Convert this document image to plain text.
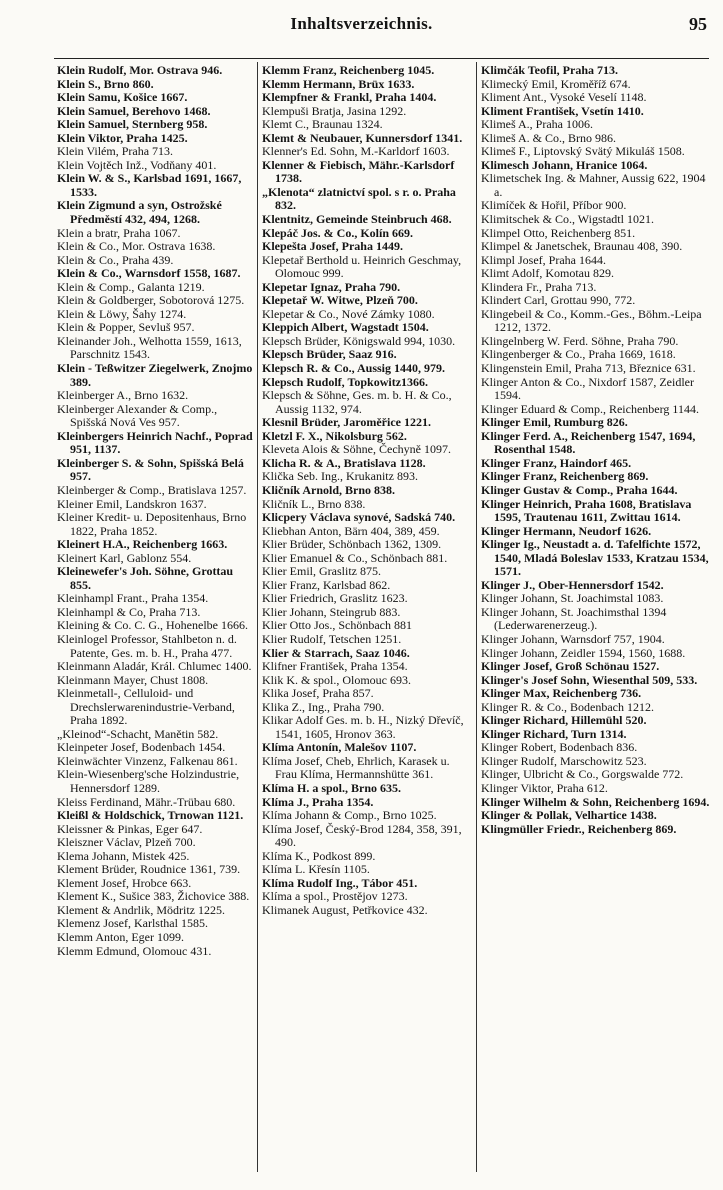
Inhaltsverzeichnis.	95

Klein Rudolf, Mor. Ostrava 946.

Klein S., Brno 860.

Klein Samu, Košice 1667.

Klein Samuel, Berehovo 1468.

Klein Samuel, Sternberg 958.

Klein Viktor, Praha 1425.

Klein Vilém, Praha 713.

Klein Vojtěch Inž., Vodňany 401.

Klein W. & S., Karlsbad 1691, 1667, 1533.

Klein Zigmund a syn, Ostrožské Předměstí 432, 494, 1268.

Klein a bratr, Praha 1067.

Klein & Co., Mor. Ostrava 1638.

Klein & Co., Praha 439.

Klein & Co., Warnsdorf 1558, 1687.

Klein & Comp., Galanta 1219.

Klein & Goldberger, Sobotorová 1275.

Klein & Löwy, Šahy 1274.

Klein & Popper, Sevluš 957.

Kleinander Joh., Welhotta 1559, 1613, Parschnitz 1543.

Klein - Teßwitzer Ziegelwerk, Znojmo 389.

Kleinberger A., Brno 1632.

Kleinberger Alexander & Comp., Spišská Nová Ves 957.

Kleinbergers Heinrich Nachf., Poprad 951, 1137.

Kleinberger S. & Sohn, Spišská Belá 957.

Kleinberger & Comp., Bratislava 1257.

Kleiner Emil, Landskron 1637.

Kleiner Kredit- u. Depositenhaus, Brno 1822, Praha 1852.

Kleinert H.A., Reichenberg 1663.

Kleinert Karl, Gablonz 554.

Kleinewefer's Joh. Söhne, Grottau 855.

Kleinhampl Frant., Praha 1354.

Kleinhampl & Co, Praha 713.

Kleining & Co. C. G., Hohenelbe 1666.

Kleinlogel Professor, Stahlbeton n. d. Patente, Ges. m. b. H., Praha 477.

Kleinmann Aladár, Král. Chlumec 1400.

Kleinmann Mayer, Chust 1808.

Kleinmetall-, Celluloid- und Drechslerwarenindustrie-Verband, Praha 1892.

„Kleinod“-Schacht, Manětin 582.

Kleinpeter Josef, Bodenbach 1454.

Kleinwächter Vinzenz, Falkenau 861.

Klein-Wiesenberg'sche Holzindustrie, Hennersdorf 1289.

Kleiss Ferdinand, Mähr.-Trübau 680.

Kleißl & Holdschick, Trnowan 1121.

Kleissner & Pinkas, Eger 647.

Kleiszner Václav, Plzeň 700.

Klema Johann, Mistek 425.

Klement Brüder, Roudnice 1361, 739.

Klement Josef, Hrobce 663.

Klement K., Sušice 383, Žichovice 388.

Klement & Andrlik, Mödritz 1225.

Klemenz Josef, Karlsthal 1585.

Klemm Anton, Eger 1099.

Klemm Edmund, Olomouc 431.

Klemm Franz, Reichenberg 1045.

Klemm Hermann, Brüx 1633.

Klempfner & Frankl, Praha 1404.

Klempuši Bratja, Jasina 1292.

Klemt C., Braunau 1324.

Klemt & Neubauer, Kunnersdorf 1341.

Klenner's Ed. Sohn, M.-Karldorf 1603.

Klenner & Fiebisch, Mähr.-Karlsdorf 1738.

„Klenota“ zlatnictví spol. s r. o. Praha 832.

Klentnitz, Gemeinde Steinbruch 468.

Klepáč Jos. & Co., Kolín 669.

Klepešta Josef, Praha 1449.

Klepetař Berthold u. Heinrich Geschmay, Olomouc 999.

Klepetar Ignaz, Praha 790.

Klepetař W. Witwe, Plzeň 700.

Klepetar & Co., Nové Zámky 1080.

Kleppich Albert, Wagstadt 1504.

Klepsch Brüder, Königswald 994, 1030.

Klepsch Brüder, Saaz 916.

Klepsch R. & Co., Aussig 1440, 979.

Klepsch Rudolf, Topkowitz1366.

Klepsch & Söhne, Ges. m. b. H. & Co., Aussig 1132, 974.

Klesnil Brüder, Jaroměřice 1221.

Kletzl F. X., Nikolsburg 562.

Kleveta Alois & Söhne, Čechyně 1097.

Klicha R. & A., Bratislava 1128.

Klička Seb. Ing., Krukanitz 893.

Kličník Arnold, Brno 838.

Kličník L., Brno 838.

Klicpery Václava synové, Sadská 740.

Kliebhan Anton, Bärn 404, 389, 459.

Klier Brüder, Schönbach 1362, 1309.

Klier Emanuel & Co., Schönbach 881.

Klier Emil, Graslitz 875.

Klier Franz, Karlsbad 862.

Klier Friedrich, Graslitz 1623.

Klier Johann, Steingrub 883.

Klier Otto Jos., Schönbach 881

Klier Rudolf, Tetschen 1251.

Klier & Starrach, Saaz 1046.

Klifner František, Praha 1354.

Klik K. & spol., Olomouc 693.

Klika Josef, Praha 857.

Klika Z., Ing., Praha 790.

Klikar Adolf Ges. m. b. H., Nizký Dřevíč, 1541, 1605, Hronov 363.

Klíma Antonín, Malešov 1107.

Klíma Josef, Cheb, Ehrlich, Karasek u. Frau Klíma, Hermannshütte 361.

Klíma H. a spol., Brno 635.

Klíma J., Praha 1354.

Klíma Johann & Comp., Brno 1025.

Klíma Josef, Český-Brod 1284, 358, 391, 490.

Klíma K., Podkost 899.

Klíma L. Křesín 1105.

Klíma Rudolf Ing., Tábor 451.

Klíma a spol., Prostějov 1273.

Klimanek August, Petřkovice 432.

Klimčák Teofil, Praha 713.

Klimecký Emil, Kroměříž 674.

Kliment Ant., Vysoké Veselí 1148.

Kliment František, Vsetín 1410.

Klimeš A., Praha 1006.

Klimeš A. & Co., Brno 986.

Klimeš F., Liptovský Svätý Mikuláš 1508.

Klimesch Johann, Hranice 1064.

Klimetschek Ing. & Mahner, Aussig 622, 1904 a.

Klimíček & Hořil, Příbor 900.

Klimitschek & Co., Wigstadtl 1021.

Klimpel Otto, Reichenberg 851.

Klimpel & Janetschek, Braunau 408, 390.

Klimpl Josef, Praha 1644.

Klimt Adolf, Komotau 829.

Klindera Fr., Praha 713.

Klindert Carl, Grottau 990, 772.

Klingebeil & Co., Komm.-Ges., Böhm.-Leipa 1212, 1372.

Klingelnberg W. Ferd. Söhne, Praha 790.

Klingenberger & Co., Praha 1669, 1618.

Klingenstein Emil, Praha 713, Březnice 631.

Klinger Anton & Co., Nixdorf 1587, Zeidler 1594.

Klinger Eduard & Comp., Reichenberg 1144.

Klinger Emil, Rumburg 826.

Klinger Ferd. A., Reichenberg 1547, 1694, Rosenthal 1548.

Klinger Franz, Haindorf 465.

Klinger Franz, Reichenberg 869.

Klinger Gustav & Comp., Praha 1644.

Klinger Heinrich, Praha 1608, Bratislava 1595, Trautenau 1611, Zwittau 1614.

Klinger Hermann, Neudorf 1626.

Klinger Ig., Neustadt a. d. Tafelfichte 1572, 1540, Mladá Boleslav 1533, Kratzau 1534, 1571.

Klinger J., Ober-Hennersdorf 1542.

Klinger Johann, St. Joachimstal 1083.

Klinger Johann, St. Joachimsthal 1394 (Lederwarenerzeug.).

Klinger Johann, Warnsdorf 757, 1904.

Klinger Johann, Zeidler 1594, 1560, 1688.

Klinger Josef, Groß Schönau 1527.

Klinger's Josef Sohn, Wiesenthal 509, 533.

Klinger Max, Reichenberg 736.

Klinger R. & Co., Bodenbach 1212.

Klinger Richard, Hillemühl 520.

Klinger Richard, Turn 1314.

Klinger Robert, Bodenbach 836.

Klinger Rudolf, Marschowitz 523.

Klinger, Ulbricht & Co., Gorgswalde 772.

Klinger Viktor, Praha 612.

Klinger Wilhelm & Sohn, Reichenberg 1694.

Klinger & Pollak, Velhartice 1438.

Klingmüller Friedr., Reichenberg 869.
